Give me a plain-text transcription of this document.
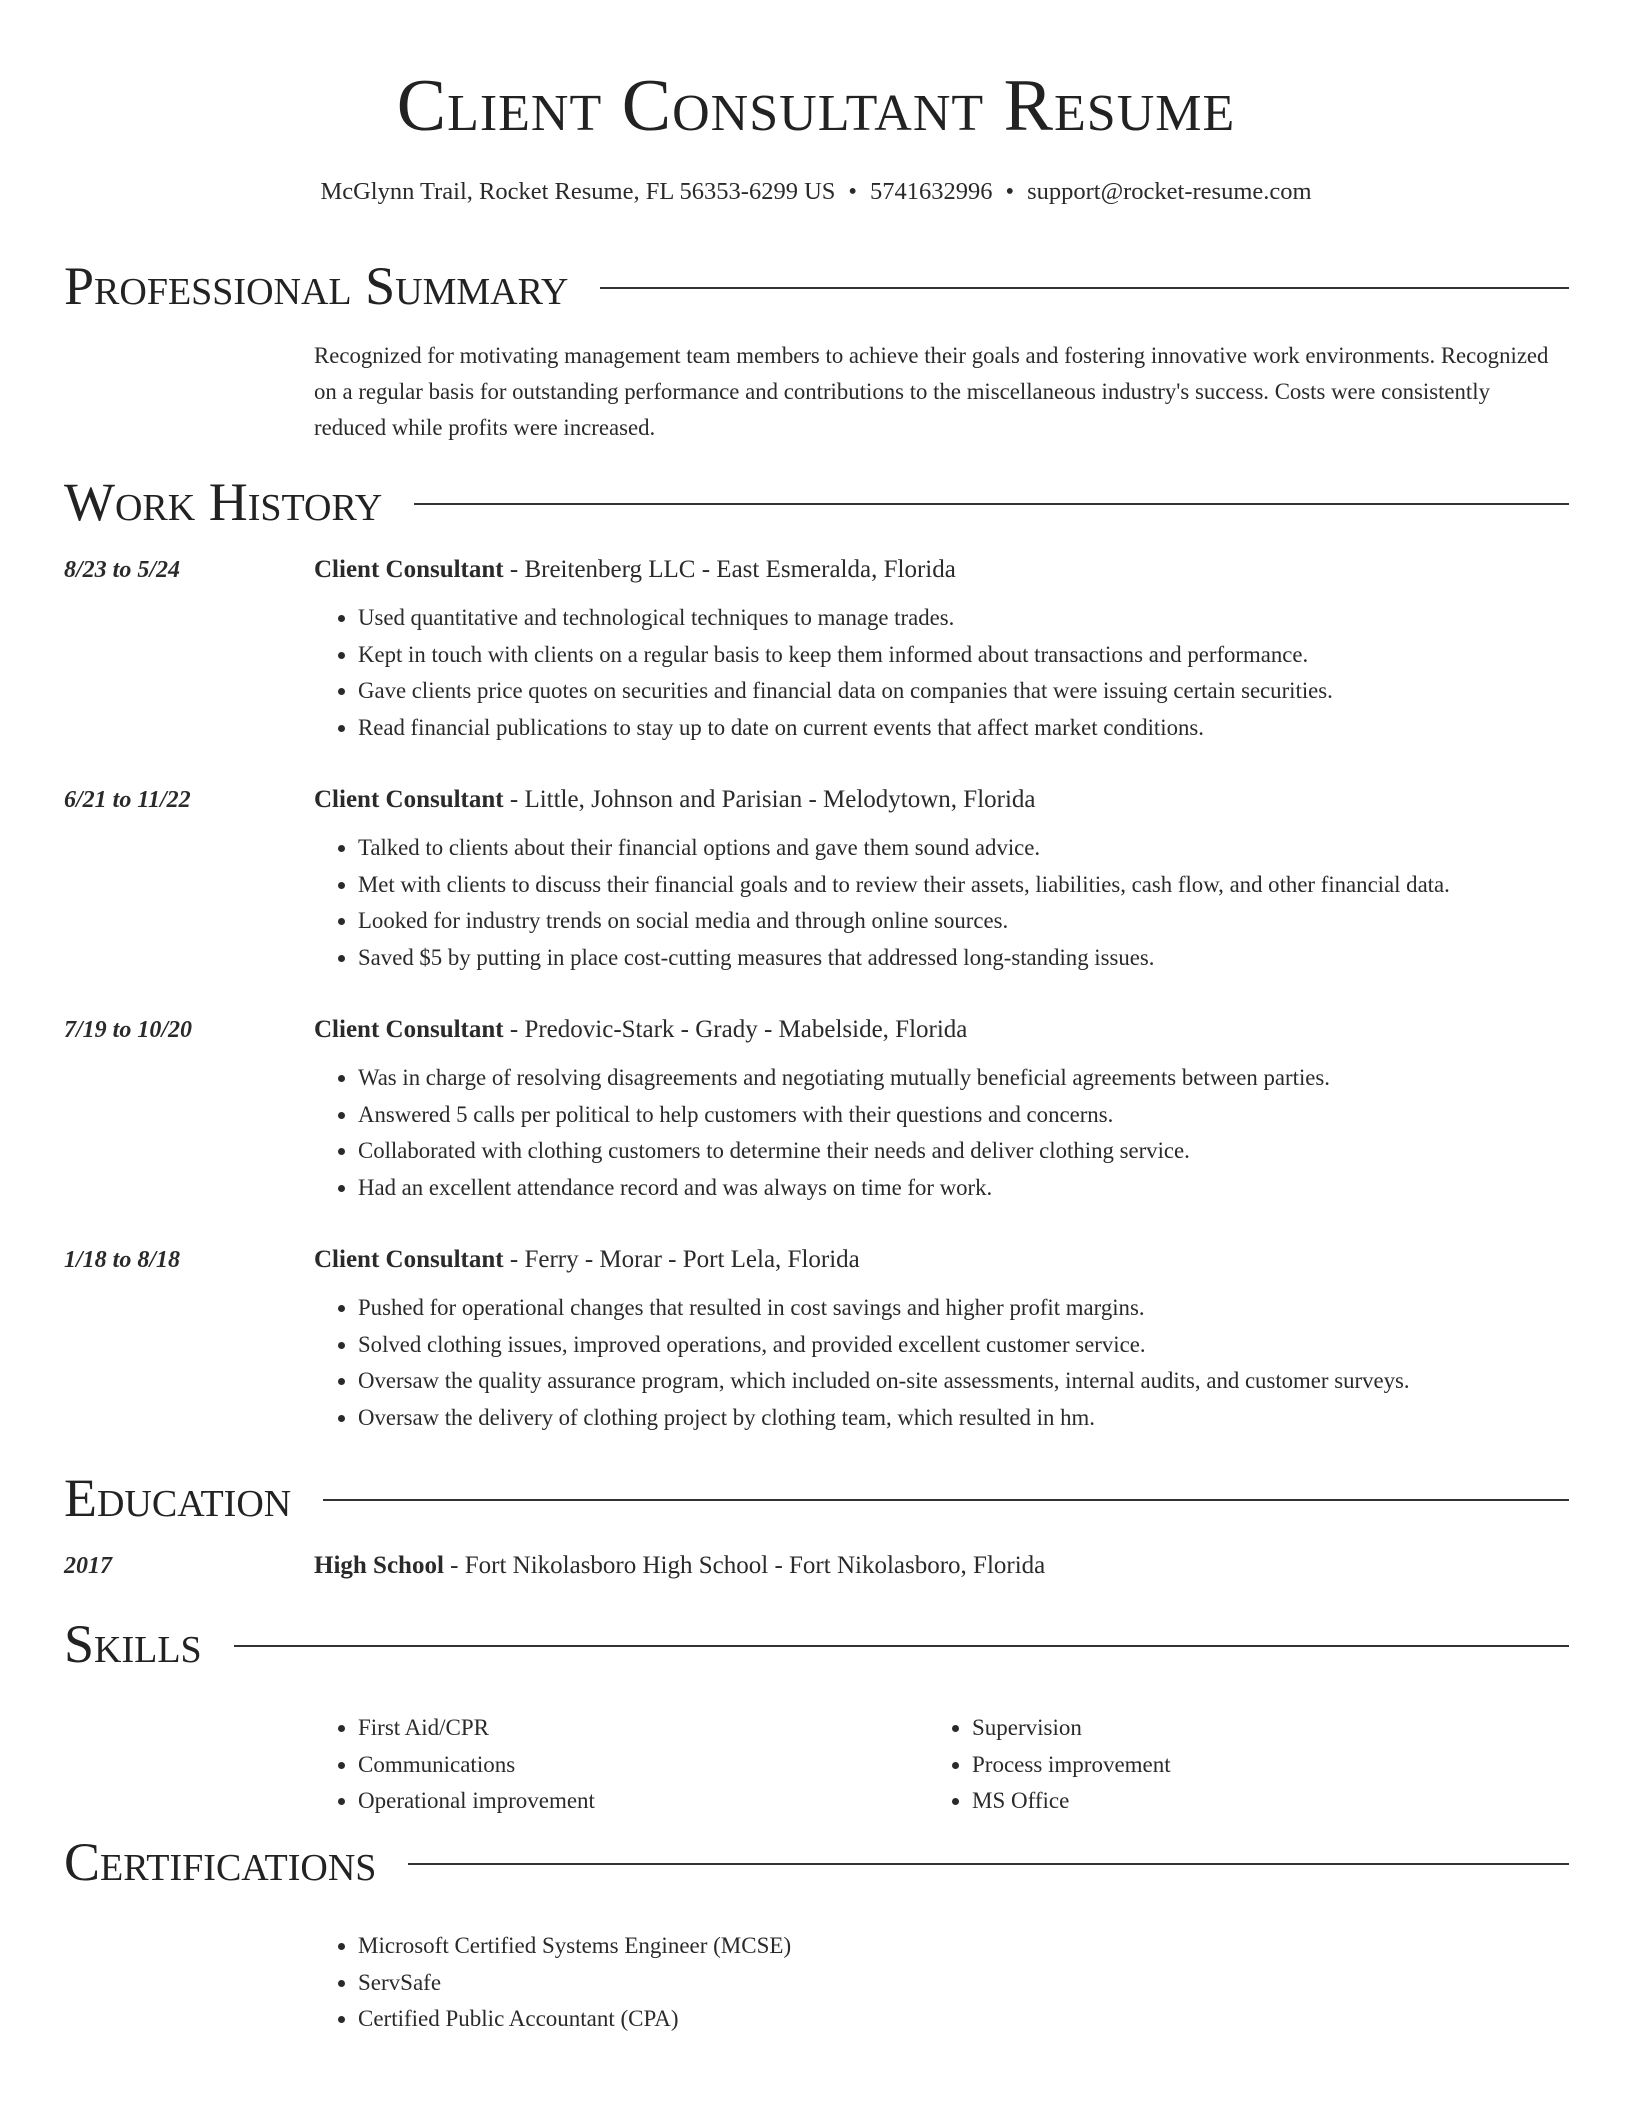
Client Consultant Resume
McGlynn Trail, Rocket Resume, FL 56353-6299 US • 5741632996 • support@rocket-resume.com
Professional Summary

Recognized for motivating management team members to achieve their goals and fostering innovative work environments. Recognized on a regular basis for outstanding performance and contributions to the miscellaneous industry's success. Costs were consistently reduced while profits were increased.

Work History
8/23 to 5/24	Client Consultant - Breitenberg LLC - East Esmeralda, Florida
• Used quantitative and technological techniques to manage trades.
• Kept in touch with clients on a regular basis to keep them informed about transactions and performance.
• Gave clients price quotes on securities and financial data on companies that were issuing certain securities.
• Read financial publications to stay up to date on current events that affect market conditions.
6/21 to 11/22	Client Consultant - Little, Johnson and Parisian - Melodytown, Florida
• Talked to clients about their financial options and gave them sound advice.
• Met with clients to discuss their financial goals and to review their assets, liabilities, cash flow, and other financial data.
• Looked for industry trends on social media and through online sources.
• Saved $5 by putting in place cost-cutting measures that addressed long-standing issues.
7/19 to 10/20	Client Consultant - Predovic-Stark - Grady - Mabelside, Florida
• Was in charge of resolving disagreements and negotiating mutually beneficial agreements between parties.
• Answered 5 calls per political to help customers with their questions and concerns.
• Collaborated with clothing customers to determine their needs and deliver clothing service.
• Had an excellent attendance record and was always on time for work.
1/18 to 8/18	Client Consultant - Ferry - Morar - Port Lela, Florida
• Pushed for operational changes that resulted in cost savings and higher profit margins.
• Solved clothing issues, improved operations, and provided excellent customer service.
• Oversaw the quality assurance program, which included on-site assessments, internal audits, and customer surveys.
• Oversaw the delivery of clothing project by clothing team, which resulted in hm.
Education
2017	High School - Fort Nikolasboro High School - Fort Nikolasboro, Florida
Skills
• First Aid/CPR
• Communications
• Operational improvement
• Supervision
• Process improvement
• MS Office
Certifications
• Microsoft Certified Systems Engineer (MCSE)
• ServSafe
• Certified Public Accountant (CPA)
